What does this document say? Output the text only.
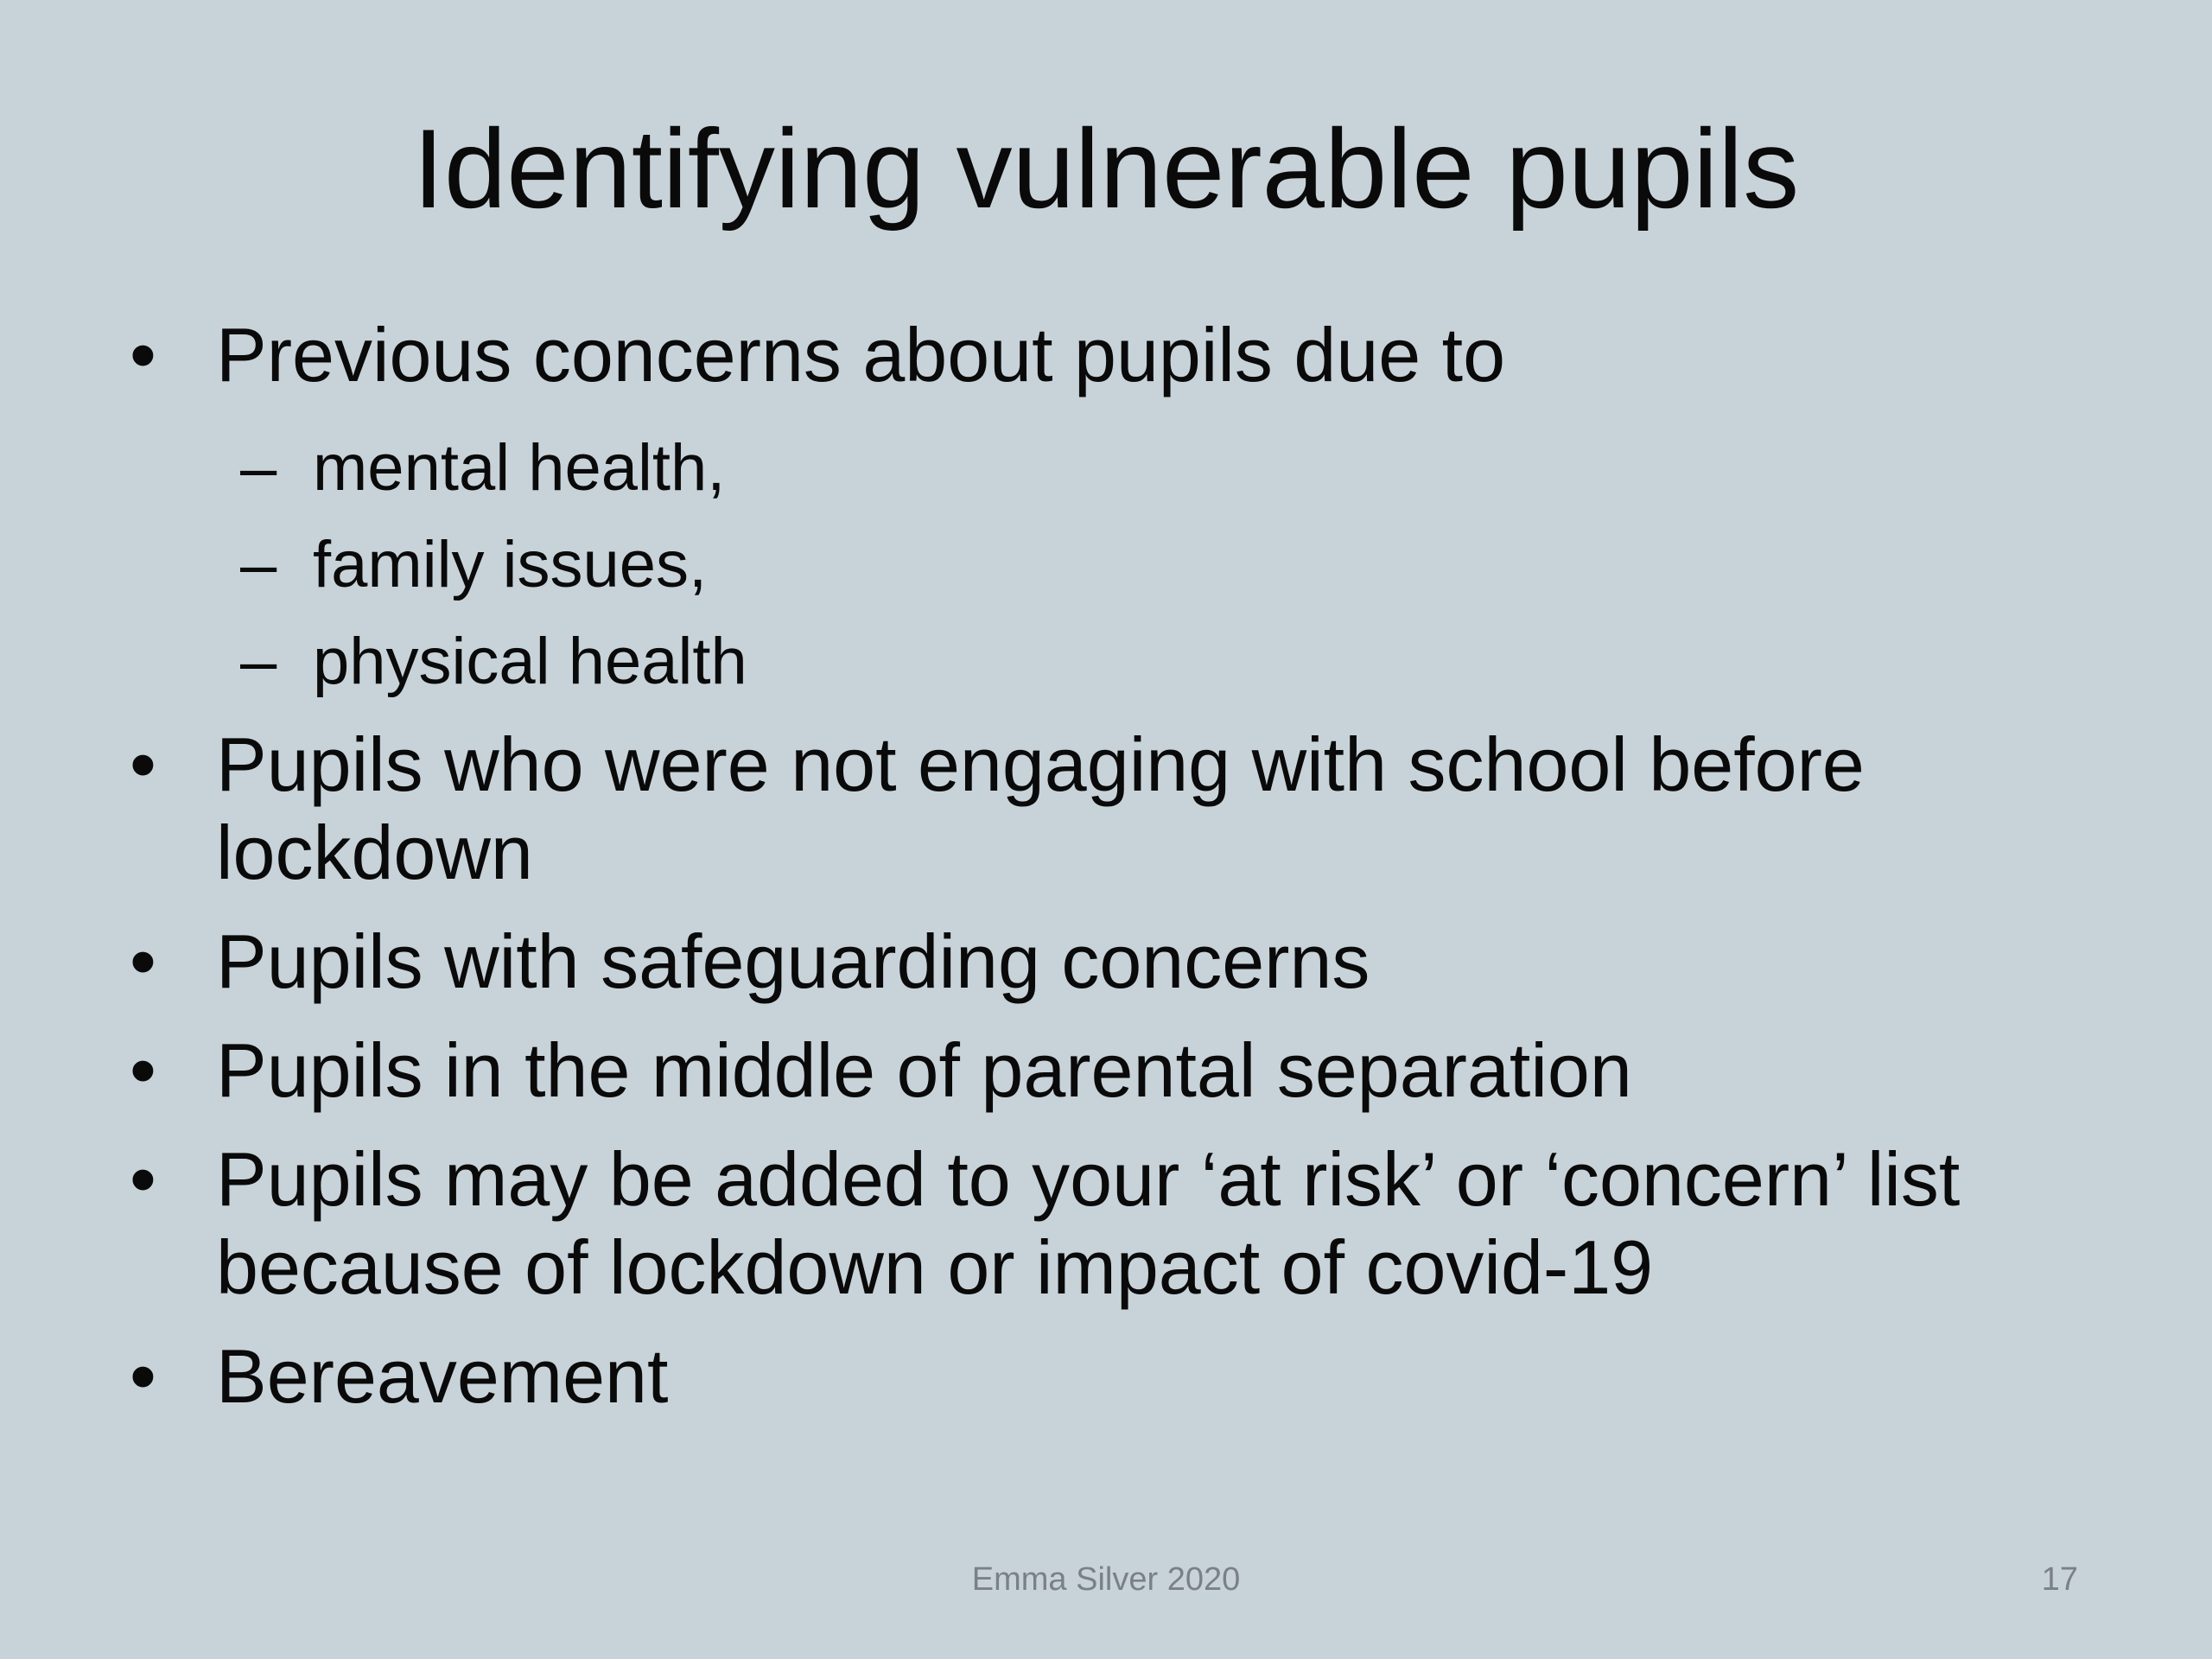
Identifying vulnerable pupils
• Previous concerns about pupils due to
– mental health,
– family issues,
– physical health
• Pupils who were not engaging with school before lockdown
• Pupils with safeguarding concerns
• Pupils in the middle of parental separation
• Pupils may be added to your ‘at risk’ or ‘concern’ list because of lockdown or impact of covid-19
• Bereavement
Emma Silver 2020	17
